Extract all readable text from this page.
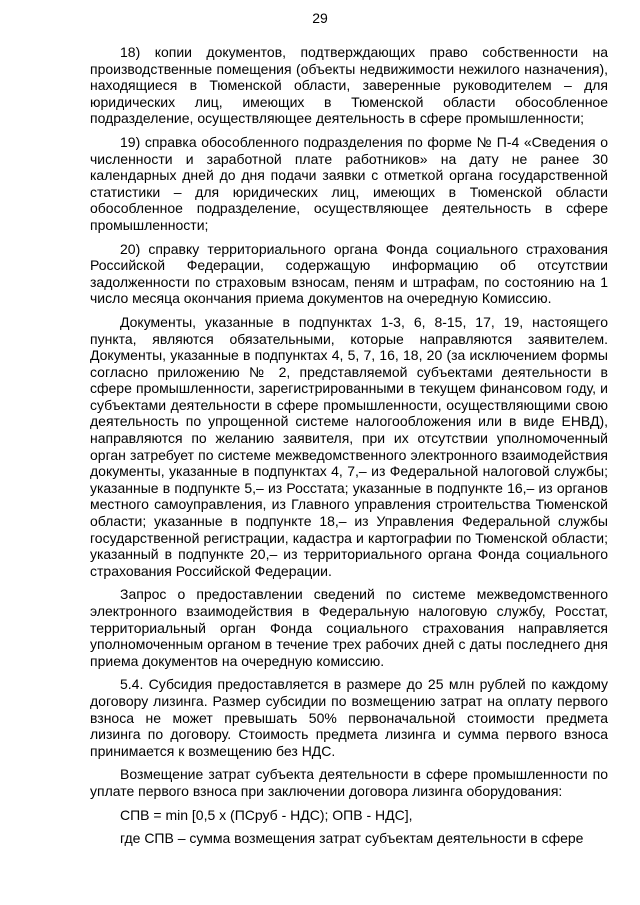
29

18) копии документов, подтверждающих право собственности на производственные помещения (объекты недвижимости нежилого назначения), находящиеся в Тюменской области, заверенные руководителем – для юридических лиц, имеющих в Тюменской области обособленное подразделение, осуществляющее деятельность в сфере промышленности;

19) справка обособленного подразделения по форме № П-4 «Сведения о численности и заработной плате работников» на дату не ранее 30 календарных дней до дня подачи заявки с отметкой органа государственной статистики – для юридических лиц, имеющих в Тюменской области обособленное подразделение, осуществляющее деятельность в сфере промышленности;

20) справку территориального органа Фонда социального страхования Российской Федерации, содержащую информацию об отсутствии задолженности по страховым взносам, пеням и штрафам, по состоянию на 1 число месяца окончания приема документов на очередную Комиссию.

Документы, указанные в подпунктах 1-3, 6, 8-15, 17, 19, настоящего пункта, являются обязательными, которые направляются заявителем. Документы, указанные в подпунктах 4, 5, 7, 16, 18, 20 (за исключением формы согласно приложению № 2, представляемой субъектами деятельности в сфере промышленности, зарегистрированными в текущем финансовом году, и субъектами деятельности в сфере промышленности, осуществляющими свою деятельность по упрощенной системе налогообложения или в виде ЕНВД), направляются по желанию заявителя, при их отсутствии уполномоченный орган затребует по системе межведомственного электронного взаимодействия документы, указанные в подпунктах 4, 7,– из Федеральной налоговой службы; указанные в подпункте 5,– из Росстата; указанные в подпункте 16,– из органов местного самоуправления, из Главного управления строительства Тюменской области; указанные в подпункте 18,– из Управления Федеральной службы государственной регистрации, кадастра и картографии по Тюменской области; указанный в подпункте 20,– из территориального органа Фонда социального страхования Российской Федерации.

Запрос о предоставлении сведений по системе межведомственного электронного взаимодействия в Федеральную налоговую службу, Росстат, территориальный орган Фонда социального страхования направляется уполномоченным органом в течение трех рабочих дней с даты последнего дня приема документов на очередную комиссию.

5.4. Субсидия предоставляется в размере до 25 млн рублей по каждому договору лизинга. Размер субсидии по возмещению затрат на оплату первого взноса не может превышать 50% первоначальной стоимости предмета лизинга по договору. Стоимость предмета лизинга и сумма первого взноса принимается к возмещению без НДС.

Возмещение затрат субъекта деятельности в сфере промышленности по уплате первого взноса при заключении договора лизинга оборудования:

СПВ = min [0,5 x (ПСруб - НДС); ОПВ - НДС],

где СПВ – сумма возмещения затрат субъектам деятельности в сфере
